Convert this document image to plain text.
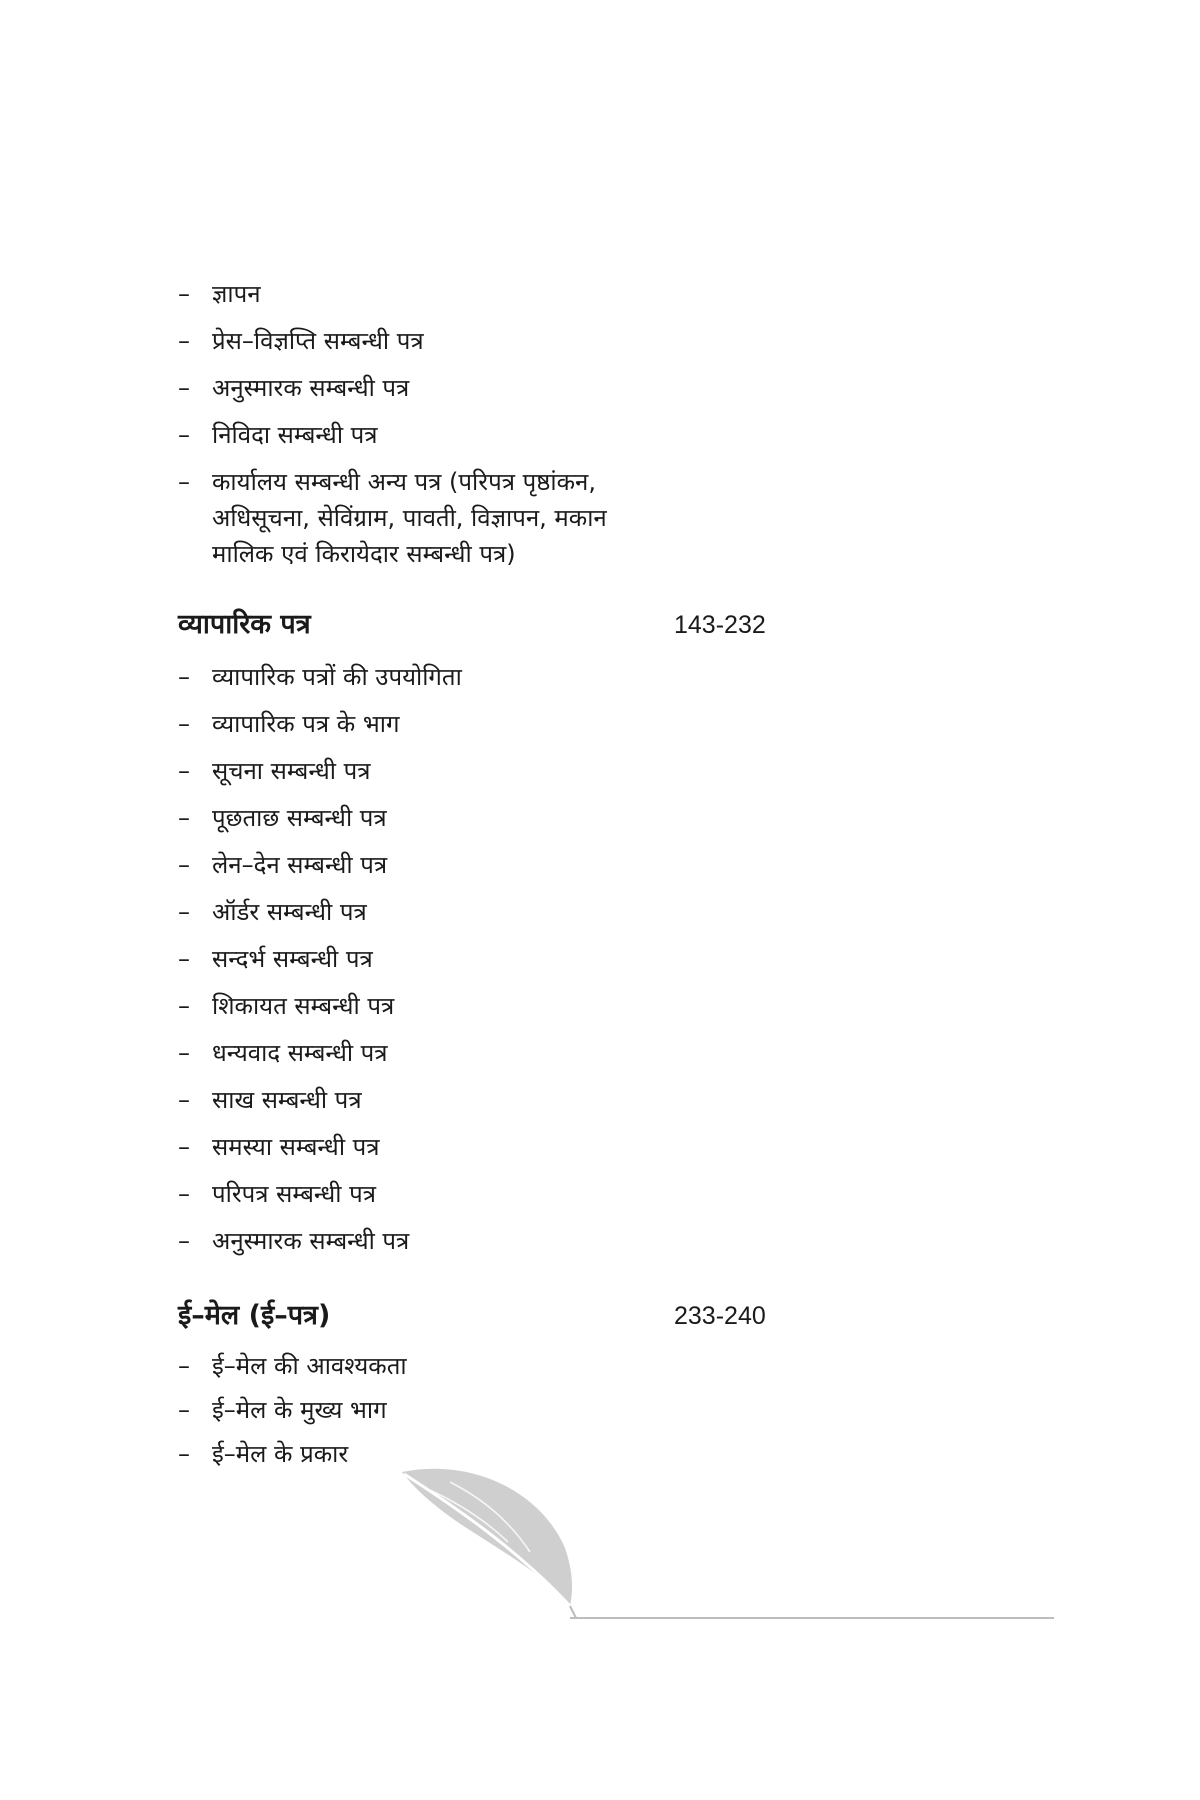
– ज्ञापन
– प्रेस–विज्ञप्ति सम्बन्धी पत्र
– अनुस्मारक सम्बन्धी पत्र
– निविदा सम्बन्धी पत्र
– कार्यालय सम्बन्धी अन्य पत्र (परिपत्र पृष्ठांकन,
अधिसूचना, सेविंग्राम, पावती, विज्ञापन, मकान
मालिक एवं किरायेदार सम्बन्धी पत्र)
व्यापारिक पत्र	143-232
– व्यापारिक पत्रों की उपयोगिता
– व्यापारिक पत्र के भाग
– सूचना सम्बन्धी पत्र
– पूछताछ सम्बन्धी पत्र
– लेन–देन सम्बन्धी पत्र
– ऑर्डर सम्बन्धी पत्र
– सन्दर्भ सम्बन्धी पत्र
– शिकायत सम्बन्धी पत्र
– धन्यवाद सम्बन्धी पत्र
– साख सम्बन्धी पत्र
– समस्या सम्बन्धी पत्र
– परिपत्र सम्बन्धी पत्र
– अनुस्मारक सम्बन्धी पत्र
ई–मेल (ई–पत्र)	233-240
– ई–मेल की आवश्यकता
– ई–मेल के मुख्य भाग
– ई–मेल के प्रकार
